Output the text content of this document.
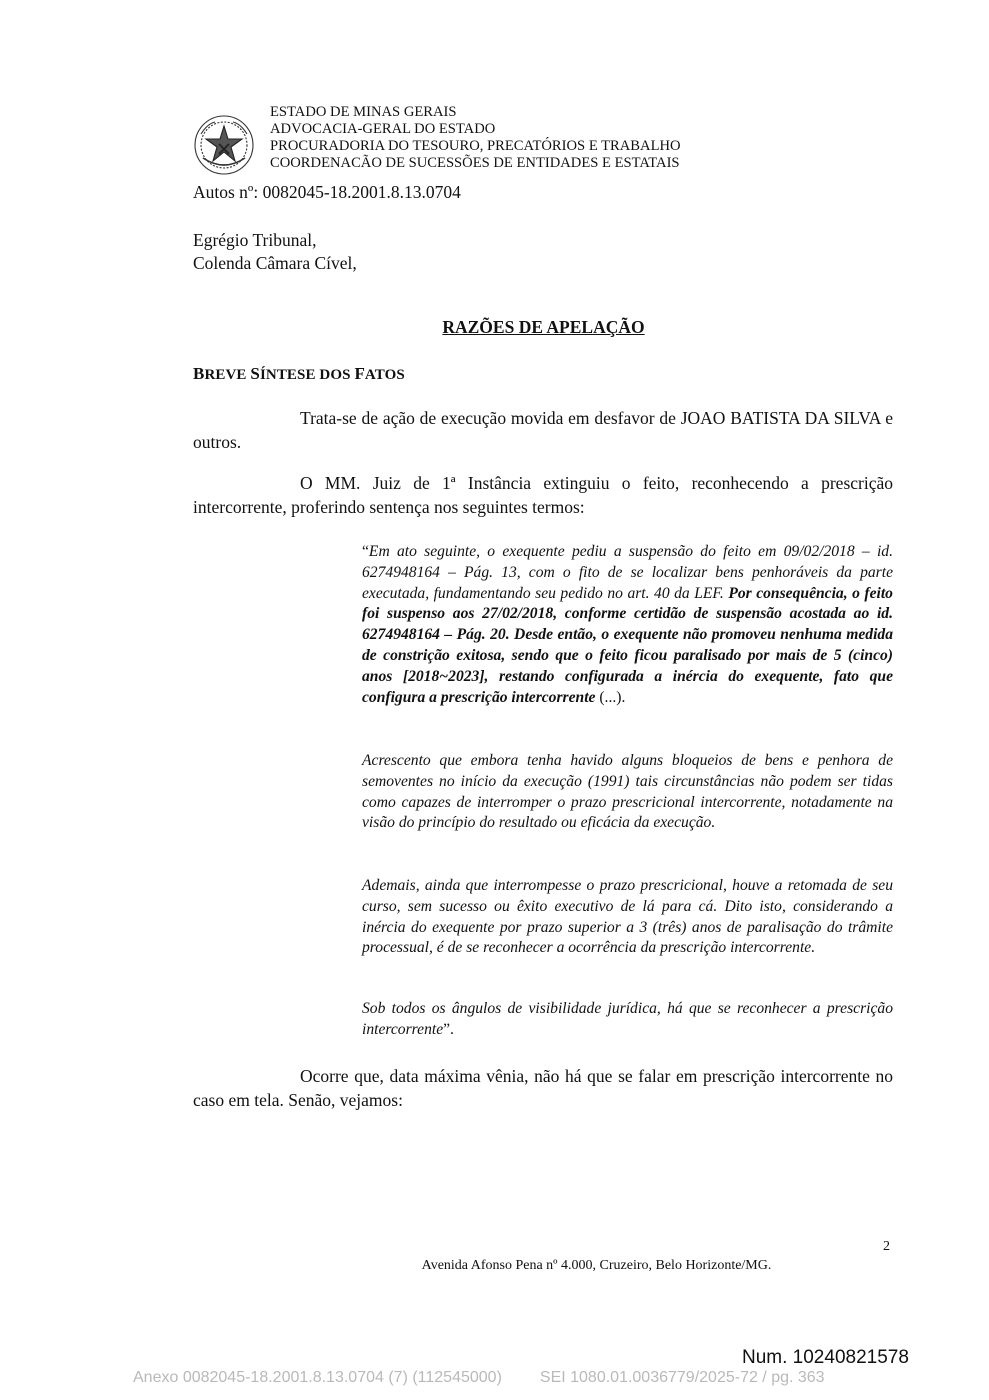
ESTADO DE MINAS GERAIS
ADVOCACIA-GERAL DO ESTADO
PROCURADORIA DO TESOURO, PRECATÓRIOS E TRABALHO
COORDENACÃO DE SUCESSÕES DE ENTIDADES E ESTATAIS
Autos nº: 0082045-18.2001.8.13.0704
Egrégio Tribunal,
Colenda Câmara Cível,
RAZÕES DE APELAÇÃO
BREVE SÍNTESE DOS FATOS
Trata-se de ação de execução movida em desfavor de JOAO BATISTA DA SILVA e outros.
O MM. Juiz de 1ª Instância extinguiu o feito, reconhecendo a prescrição intercorrente, proferindo sentença nos seguintes termos:
“Em ato seguinte, o exequente pediu a suspensão do feito em 09/02/2018 – id. 6274948164 – Pág. 13, com o fito de se localizar bens penhoráveis da parte executada, fundamentando seu pedido no art. 40 da LEF. Por consequência, o feito foi suspenso aos 27/02/2018, conforme certidão de suspensão acostada ao id. 6274948164 – Pág. 20. Desde então, o exequente não promoveu nenhuma medida de constrição exitosa, sendo que o feito ficou paralisado por mais de 5 (cinco) anos [2018~2023], restando configurada a inércia do exequente, fato que configura a prescrição intercorrente (...).
Acrescento que embora tenha havido alguns bloqueios de bens e penhora de semoventes no início da execução (1991) tais circunstâncias não podem ser tidas como capazes de interromper o prazo prescricional intercorrente, notadamente na visão do princípio do resultado ou eficácia da execução.
Ademais, ainda que interrompesse o prazo prescricional, houve a retomada de seu curso, sem sucesso ou êxito executivo de lá para cá. Dito isto, considerando a inércia do exequente por prazo superior a 3 (três) anos de paralisação do trâmite processual, é de se reconhecer a ocorrência da prescrição intercorrente.
Sob todos os ângulos de visibilidade jurídica, há que se reconhecer a prescrição intercorrente”.
Ocorre que, data máxima vênia, não há que se falar em prescrição intercorrente no caso em tela. Senão, vejamos:
2
Avenida Afonso Pena nº 4.000, Cruzeiro, Belo Horizonte/MG.
Num. 10240821578
Anexo 0082045-18.2001.8.13.0704 (7) (112545000) SEI 1080.01.0036779/2025-72 / pg. 363
